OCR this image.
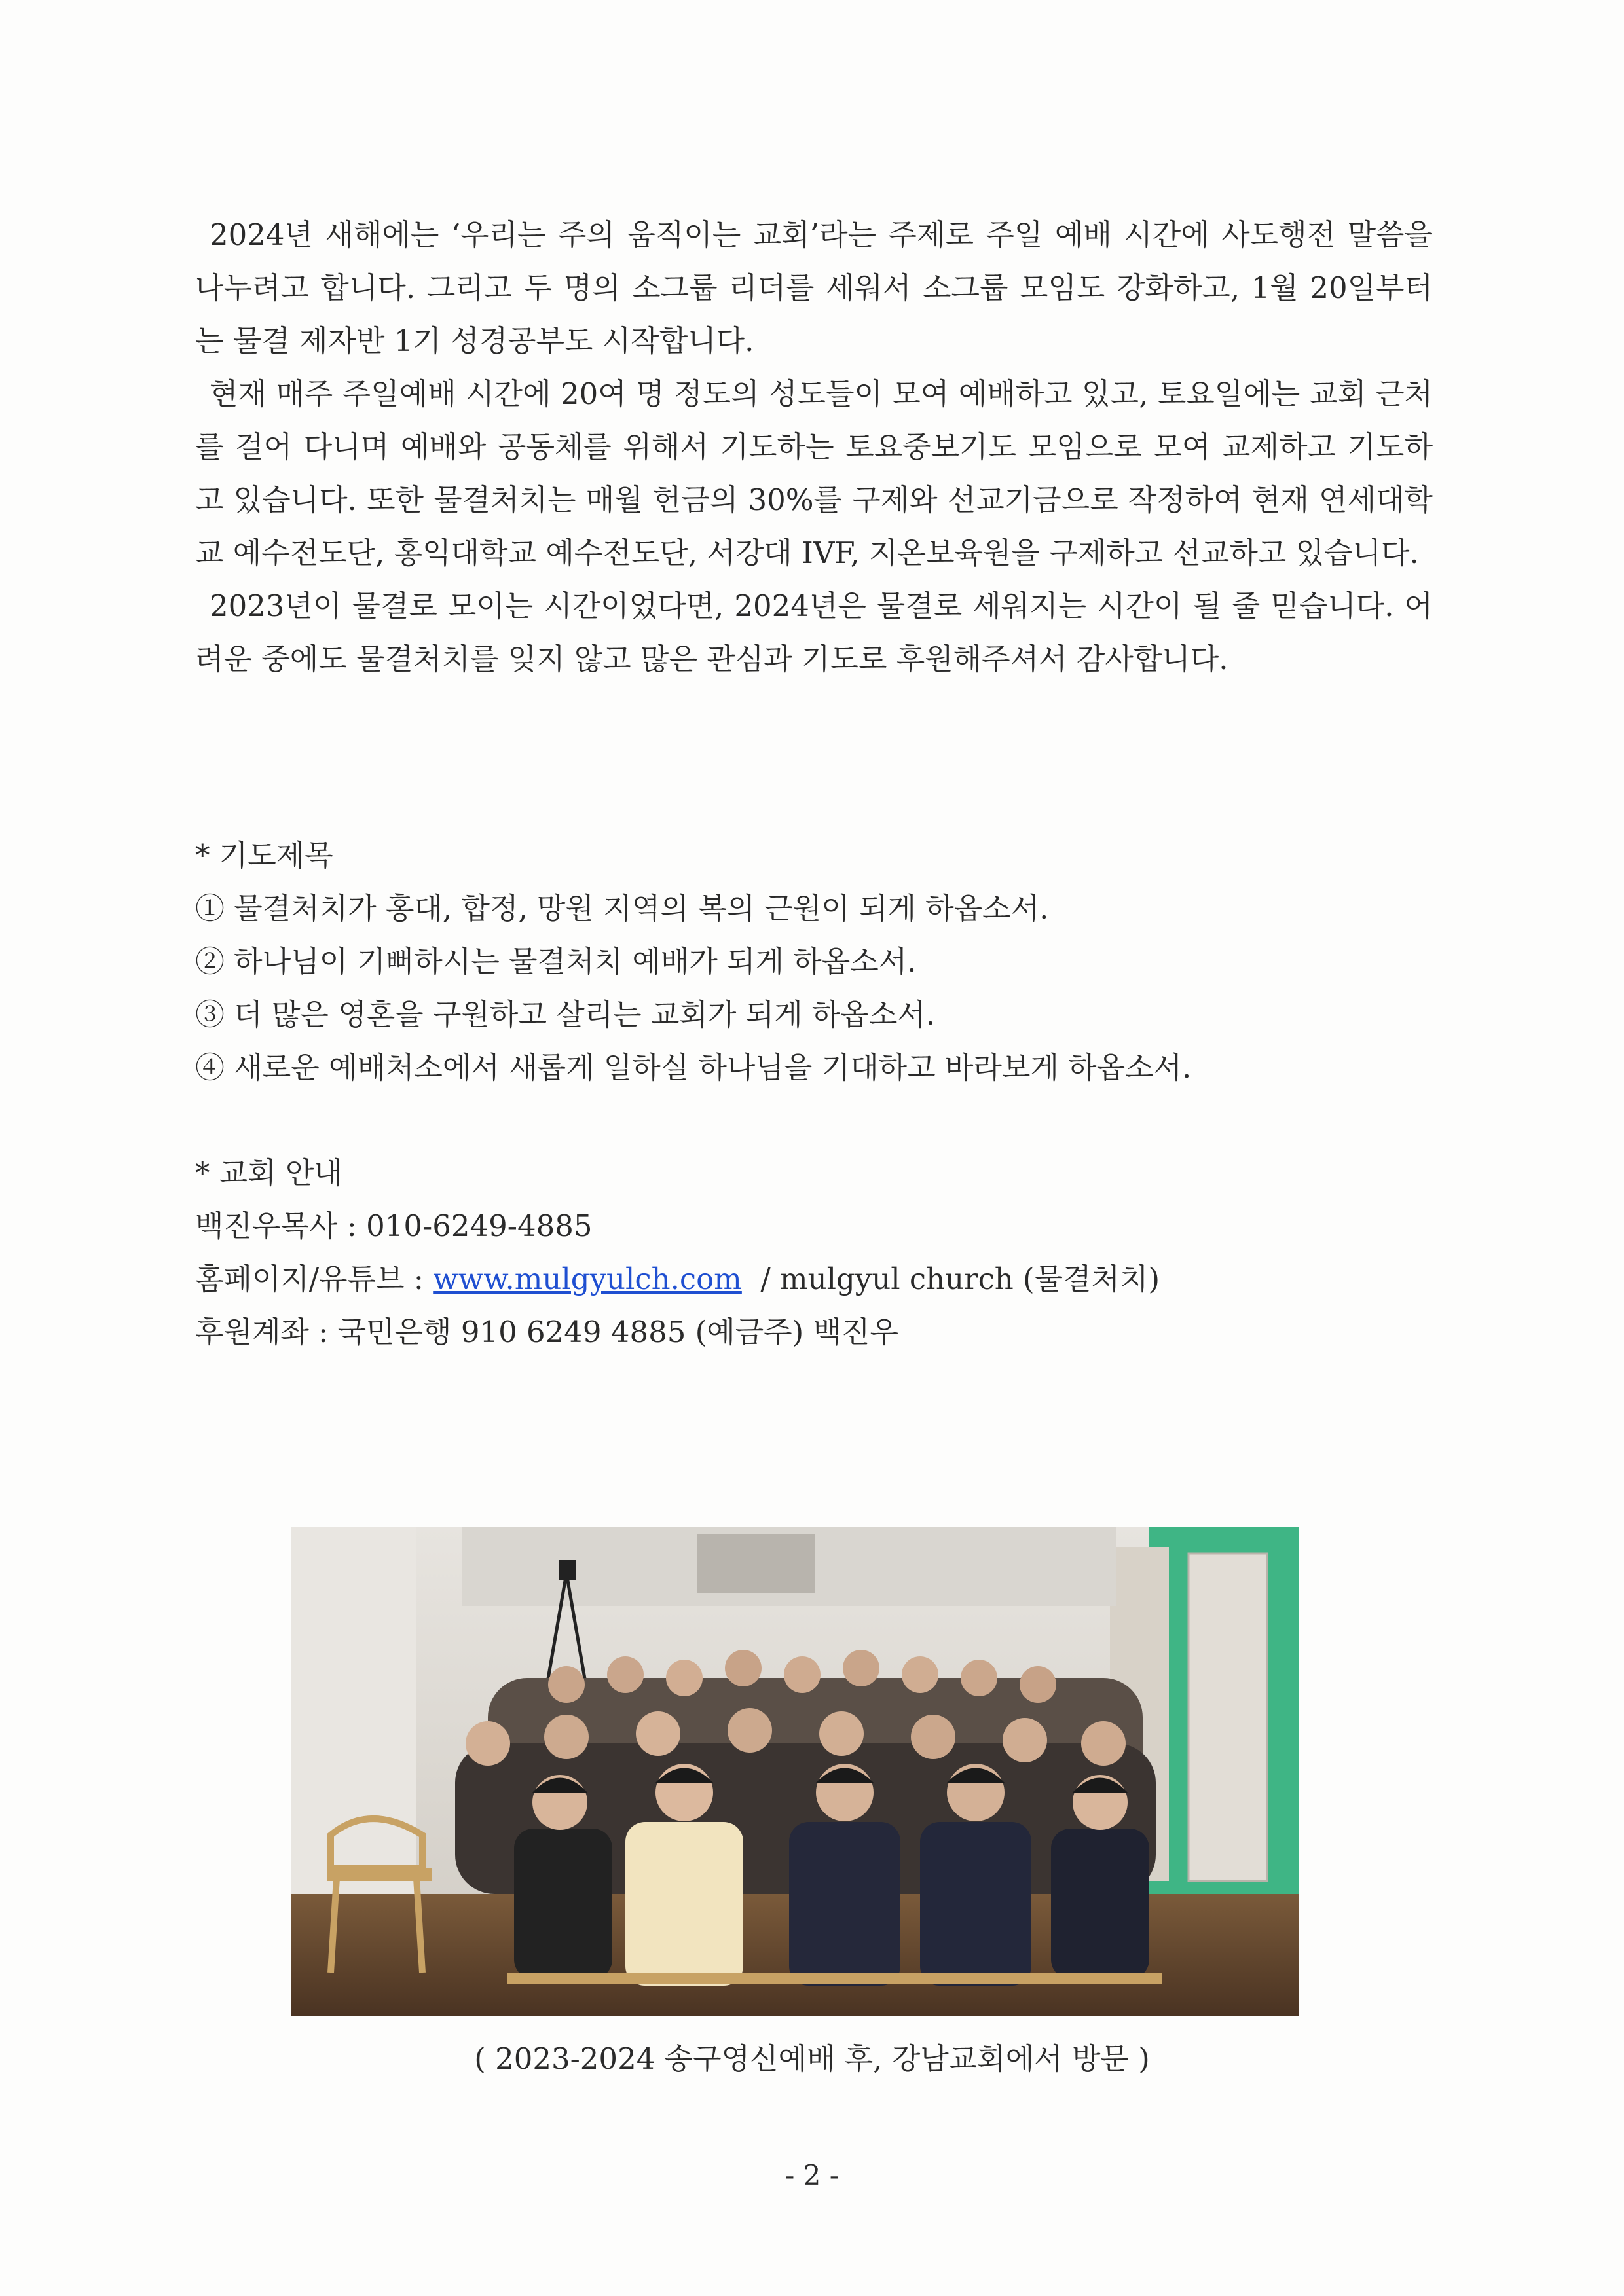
2024년 새해에는 ‘우리는 주의 움직이는 교회’라는 주제로 주일 예배 시간에 사도행전 말씀을 나누려고 합니다. 그리고 두 명의 소그룹 리더를 세워서 소그룹 모임도 강화하고, 1월 20일부터는 물결 제자반 1기 성경공부도 시작합니다.

현재 매주 주일예배 시간에 20여 명 정도의 성도들이 모여 예배하고 있고, 토요일에는 교회 근처를 걸어 다니며 예배와 공동체를 위해서 기도하는 토요중보기도 모임으로 모여 교제하고 기도하고 있습니다. 또한 물결처치는 매월 헌금의 30%를 구제와 선교기금으로 작정하여 현재 연세대학교 예수전도단, 홍익대학교 예수전도단, 서강대 IVF, 지온보육원을 구제하고 선교하고 있습니다.

2023년이 물결로 모이는 시간이었다면, 2024년은 물결로 세워지는 시간이 될 줄 믿습니다. 어려운 중에도 물결처치를 잊지 않고 많은 관심과 기도로 후원해주셔서 감사합니다.

* 기도제목
① 물결처치가 홍대, 합정, 망원 지역의 복의 근원이 되게 하옵소서.
② 하나님이 기뻐하시는 물결처치 예배가 되게 하옵소서.
③ 더 많은 영혼을 구원하고 살리는 교회가 되게 하옵소서.
④ 새로운 예배처소에서 새롭게 일하실 하나님을 기대하고 바라보게 하옵소서.
* 교회 안내
백진우목사 : 010-6249-4885
홈페이지/유튜브 : www.mulgyulch.com  / mulgyul church (물결처치)
후원계좌 : 국민은행 910 6249 4885 (예금주) 백진우
( 2023-2024 송구영신예배 후, 강남교회에서 방문 )
- 2 -
